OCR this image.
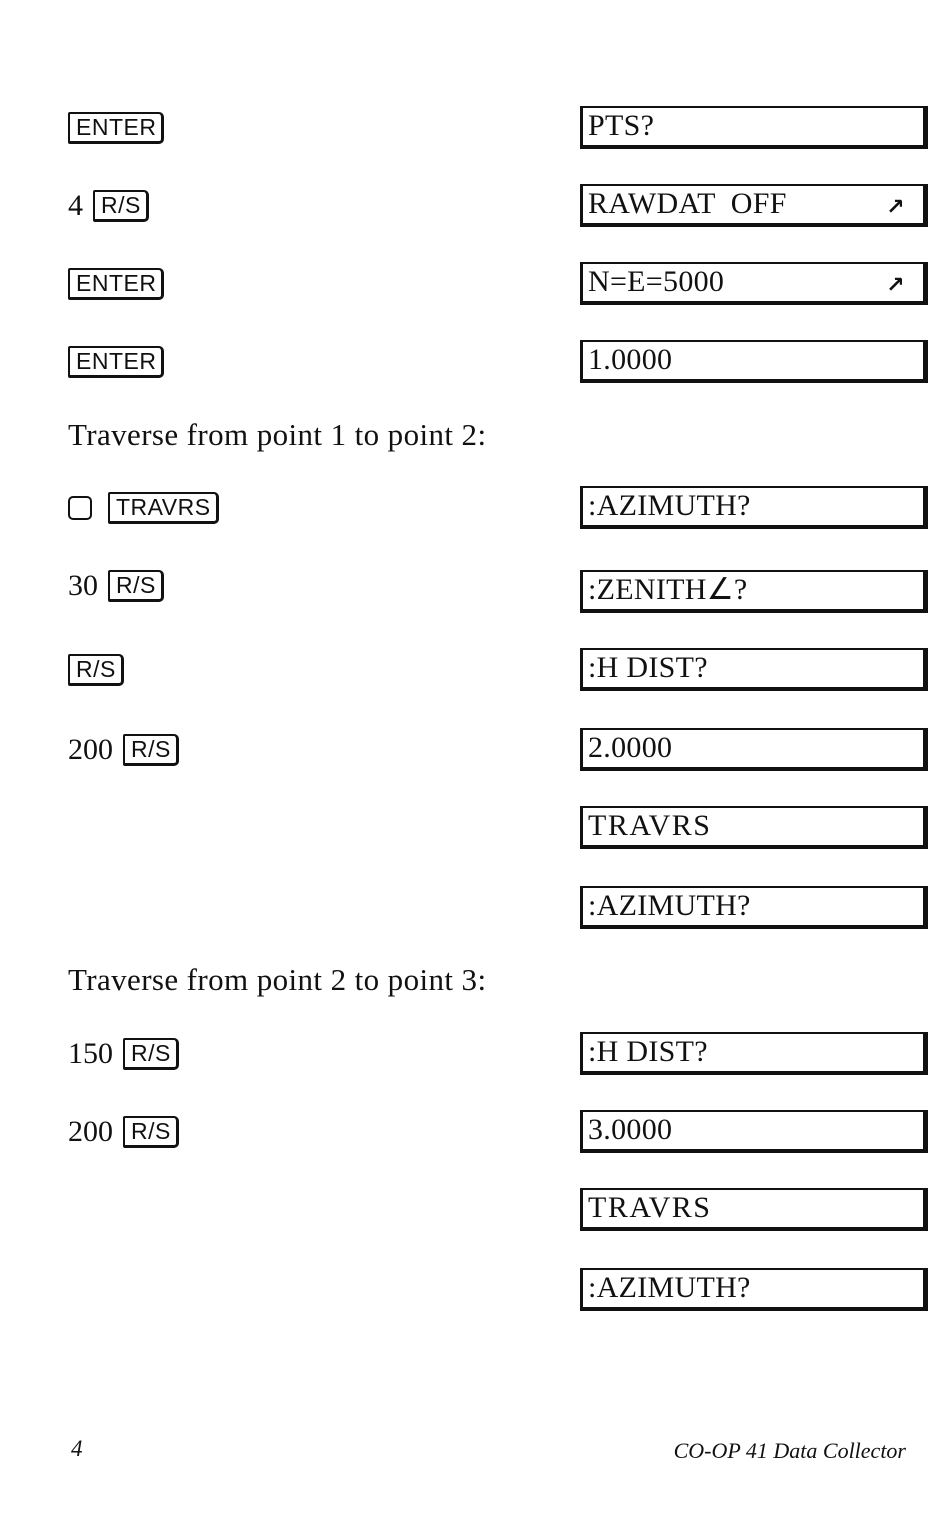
ENTER	PTS?
4 R/S	RAWDAT  OFF	↗
ENTER	N=E=5000	↗
ENTER	1.0000
Traverse from point 1 to point 2:
TRAVRS	:AZIMUTH?
30 R/S	:ZENITH∠?
R/S	:H DIST?
200 R/S	2.0000
TRAVRS
:AZIMUTH?
Traverse from point 2 to point 3:
150 R/S	:H DIST?
200 R/S	3.0000
TRAVRS
:AZIMUTH?
4	CO-OP 41 Data Collector
